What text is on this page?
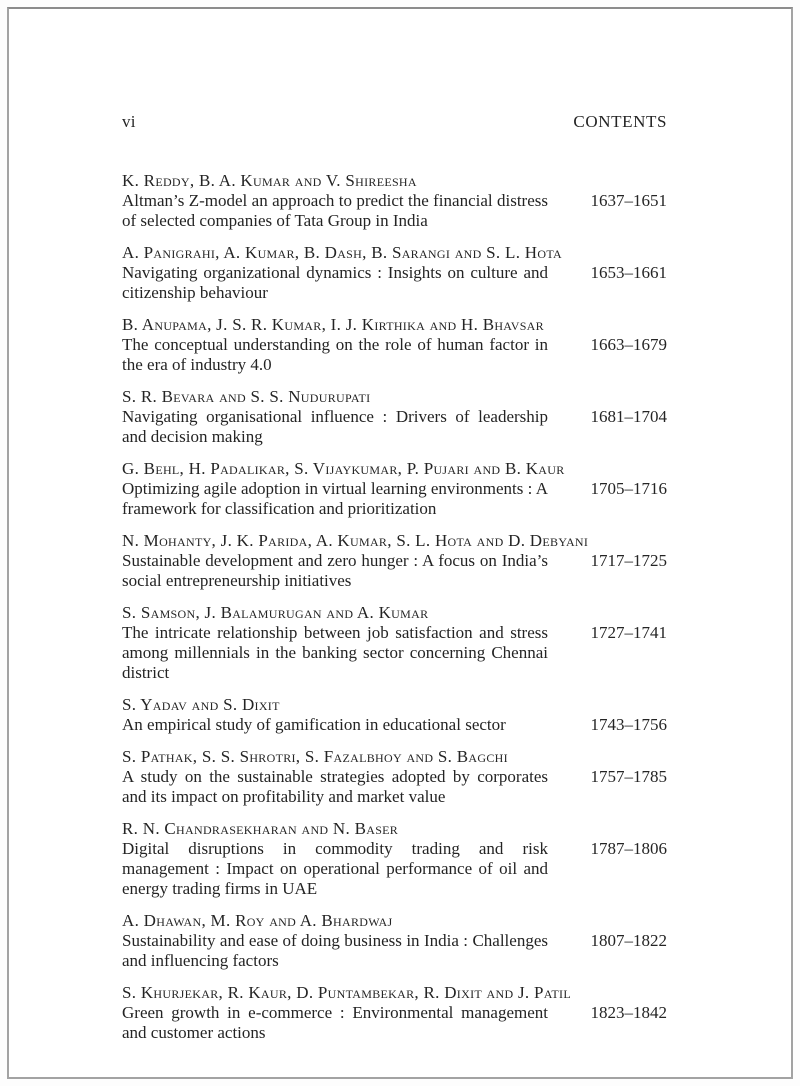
vi	CONTENTS
K. Reddy, B. A. Kumar and V. Shireesha
Altman’s Z-model an approach to predict the financial distress of selected companies of Tata Group in India
1637–1651
A. Panigrahi, A. Kumar, B. Dash, B. Sarangi and S. L. Hota
Navigating organizational dynamics : Insights on culture and citizenship behaviour
1653–1661
B. Anupama, J. S. R. Kumar, I. J. Kirthika and H. Bhavsar
The conceptual understanding on the role of human factor in the era of industry 4.0
1663–1679
S. R. Bevara and S. S. Nudurupati
Navigating organisational influence : Drivers of leadership and decision making
1681–1704
G. Behl, H. Padalikar, S. Vijaykumar, P. Pujari and B. Kaur
Optimizing agile adoption in virtual learning environments : A framework for classification and prioritization
1705–1716
N. Mohanty, J. K. Parida, A. Kumar, S. L. Hota and D. Debyani
Sustainable development and zero hunger : A focus on India’s social entrepreneurship initiatives
1717–1725
S. Samson, J. Balamurugan and A. Kumar
The intricate relationship between job satisfaction and stress among millennials in the banking sector concerning Chennai district
1727–1741
S. Yadav and S. Dixit
An empirical study of gamification in educational sector	1743–1756
S. Pathak, S. S. Shrotri, S. Fazalbhoy and S. Bagchi
A study on the sustainable strategies adopted by corporates and its impact on profitability and market value
1757–1785
R. N. Chandrasekharan and N. Baser
Digital disruptions in commodity trading and risk management : Impact on operational performance of oil and energy trading firms in UAE
1787–1806
A. Dhawan, M. Roy and A. Bhardwaj
Sustainability and ease of doing business in India : Challenges and influencing factors
1807–1822
S. Khurjekar, R. Kaur, D. Puntambekar, R. Dixit and J. Patil
Green growth in e-commerce : Environmental management and customer actions
1823–1842
